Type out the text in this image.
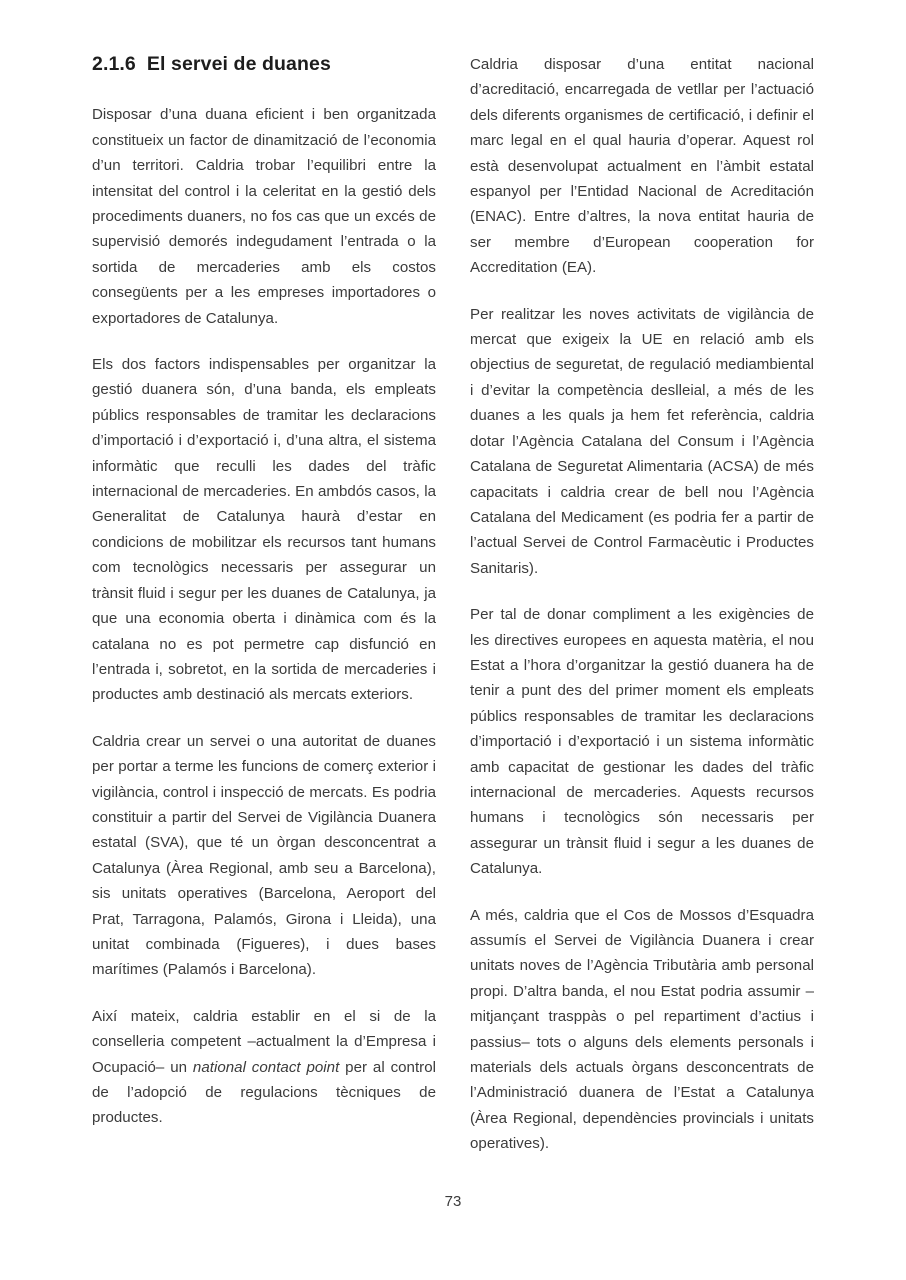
2.1.6  El servei de duanes

Disposar d’una duana eficient i ben organitzada constitueix un factor de dinamització de l’economia d’un territori. Caldria trobar l’equilibri entre la intensitat del control i la celeritat en la gestió dels procediments duaners, no fos cas que un excés de supervisió demorés indegudament l’entrada o la sortida de mercaderies amb els costos consegüents per a les empreses importadores o exportadores de Catalunya.

Els dos factors indispensables per organitzar la gestió duanera són, d’una banda, els empleats públics responsables de tramitar les declaracions d’importació i d’exportació i, d’una altra, el sistema informàtic que reculli les dades del tràfic internacional de mercaderies. En ambdós casos, la Generalitat de Catalunya haurà d’estar en condicions de mobilitzar els recursos tant humans com tecnològics necessaris per assegurar un trànsit fluid i segur per les duanes de Catalunya, ja que una economia oberta i dinàmica com és la catalana no es pot permetre cap disfunció en l’entrada i, sobretot, en la sortida de mercaderies i productes amb destinació als mercats exteriors.

Caldria crear un servei o una autoritat de duanes per portar a terme les funcions de comerç exterior i vigilància, control i inspecció de mercats. Es podria constituir a partir del Servei de Vigilància Duanera estatal (SVA), que té un òrgan desconcentrat a Catalunya (Àrea Regional, amb seu a Barcelona), sis unitats operatives (Barcelona, Aeroport del Prat, Tarragona, Palamós, Girona i Lleida), una unitat combinada (Figueres), i dues bases marítimes (Palamós i Barcelona).

Així mateix, caldria establir en el si de la conselleria competent –actualment la d’Empresa i Ocupació– un national contact point per al control de l’adopció de regulacions tècniques de productes.

Caldria disposar d’una entitat nacional d’acreditació, encarregada de vetllar per l’actuació dels diferents organismes de certificació, i definir el marc legal en el qual hauria d’operar. Aquest rol està desenvolupat actualment en l’àmbit estatal espanyol per l’Entidad Nacional de Acreditación (ENAC). Entre d’altres, la nova entitat hauria de ser membre d’European cooperation for Accreditation (EA).

Per realitzar les noves activitats de vigilància de mercat que exigeix la UE en relació amb els objectius de seguretat, de regulació mediambiental i d’evitar la competència deslleial, a més de les duanes a les quals ja hem fet referència, caldria dotar l’Agència Catalana del Consum i l’Agència Catalana de Seguretat Alimentaria (ACSA) de més capacitats i caldria crear de bell nou l’Agència Catalana del Medicament (es podria fer a partir de l’actual Servei de Control Farmacèutic i Productes Sanitaris).

Per tal de donar compliment a les exigències de les directives europees en aquesta matèria, el nou Estat a l’hora d’organitzar la gestió duanera ha de tenir a punt des del primer moment els empleats públics responsables de tramitar les declaracions d’importació i d’exportació i un sistema informàtic amb capacitat de gestionar les dades del tràfic internacional de mercaderies. Aquests recursos humans i tecnològics són necessaris per assegurar un trànsit fluid i segur a les duanes de Catalunya.

A més, caldria que el Cos de Mossos d’Esquadra assumís el Servei de Vigilància Duanera i crear unitats noves de l’Agència Tributària amb personal propi. D’altra banda, el nou Estat podria assumir –mitjançant trasppàs o pel repartiment d’actius i passius– tots o alguns dels elements personals i materials dels actuals òrgans desconcentrats de l’Administració duanera de l’Estat a Catalunya (Àrea Regional, dependències provincials i unitats operatives).

73
